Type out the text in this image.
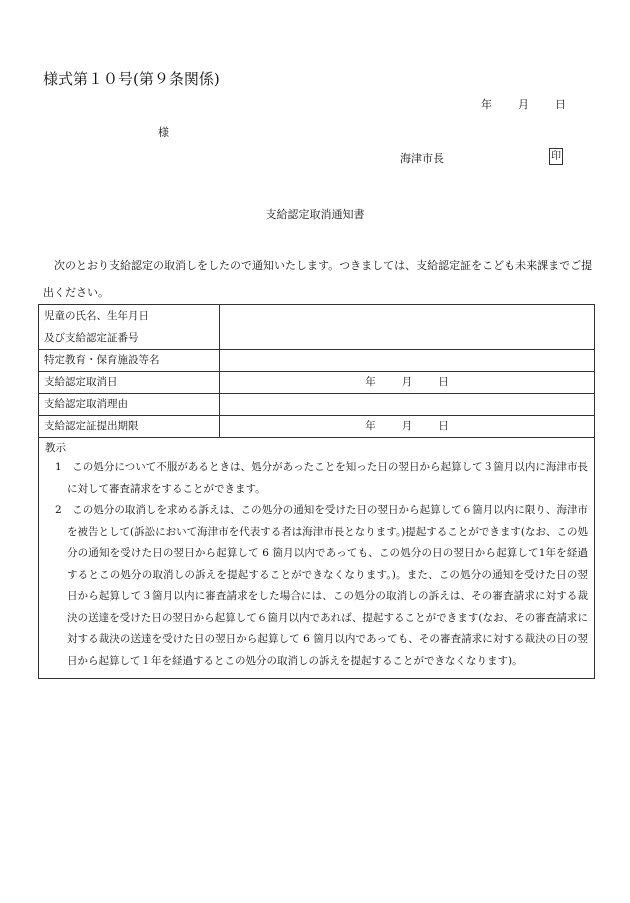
様式第１０号(第９条関係)
年 月 日
様
海津市長	印
支給認定取消通知書
次のとおり支給認定の取消しをしたので通知いたします。つきましては、支給認定証をこども未来課までご提出ください。
児童の氏名、生年月日
及び支給認定証番号	

特定教育・保育施設等名	
支給認定取消日	年 月 日
支給認定取消理由	
支給認定証提出期限	年 月 日

教示
1　この処分について不服があるときは、処分があったことを知った日の翌日から起算して３箇月以内に海津市長に対して審査請求をすることができます。
2　この処分の取消しを求める訴えは、この処分の通知を受けた日の翌日から起算して６箇月以内に限り、海津市を被告として(訴訟において海津市を代表する者は海津市長となります。)提起することができます(なお、この処分の通知を受けた日の翌日から起算して 6 箇月以内であっても、この処分の日の翌日から起算して1年を経過するとこの処分の取消しの訴えを提起することができなくなります。)。また、この処分の通知を受けた日の翌日から起算して３箇月以内に審査請求をした場合には、この処分の取消しの訴えは、その審査請求に対する裁決の送達を受けた日の翌日から起算して６箇月以内であれば、提起することができます(なお、その審査請求に対する裁決の送達を受けた日の翌日から起算して 6 箇月以内であっても、その審査請求に対する裁決の日の翌日から起算して１年を経過するとこの処分の取消しの訴えを提起することができなくなります)。	
